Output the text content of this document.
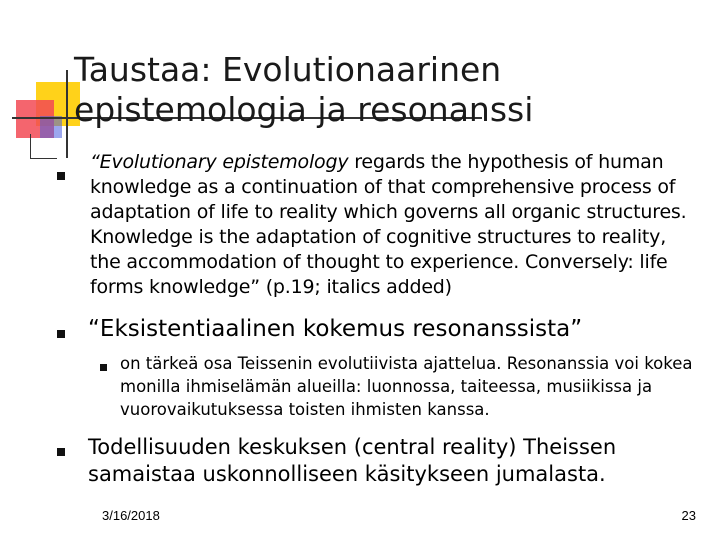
Taustaa: Evolutionaarinen
epistemologia ja resonanssi

“Evolutionary epistemology regards the hypothesis of human knowledge as a continuation of that comprehensive process of adaptation of life to reality which governs all organic structures. Knowledge is the adaptation of cognitive structures to reality, the accommodation of thought to experience. Conversely: life forms knowledge” (p.19; italics added)

“Eksistentiaalinen kokemus resonanssista”

on tärkeä osa Teissenin evolutiivista ajattelua. Resonanssia voi kokea monilla ihmiselämän alueilla: luonnossa, taiteessa, musiikissa ja vuorovaikutuksessa toisten ihmisten kanssa.

Todellisuuden keskuksen (central reality) Theissen samaistaa uskonnolliseen käsitykseen jumalasta.

3/16/2018	23
